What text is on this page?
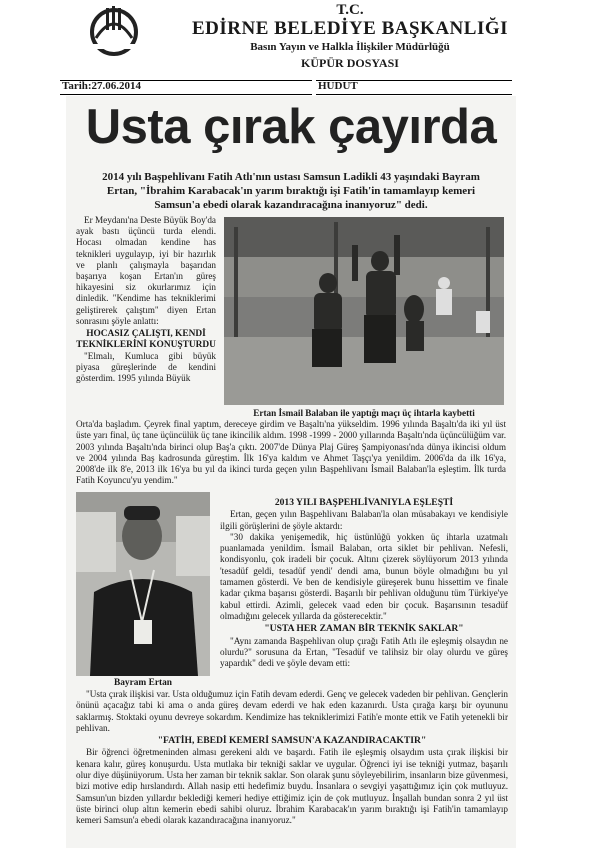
T.C.
EDİRNE BELEDİYE BAŞKANLIĞI
Basın Yayın ve Halkla İlişkiler Müdürlüğü
KÜPÜR DOSYASI
Tarih:27.06.2014	HUDUT
Usta çırak çayırda
2014 yılı Başpehlivanı Fatih Atlı'nın ustası Samsun Ladikli 43 yaşındaki Bayram Ertan, "İbrahim Karabacak'ın yarım bıraktığı işi Fatih'in tamamlayıp kemeri Samsun'a ebedi olarak kazandıracağına inanıyoruz" dedi.

Er Meydanı'na Deste Büyük Boy'da ayak bastı üçüncü turda elendi. Hocası olmadan kendine has teknikleri uygulayıp, iyi bir hazırlık ve planlı çalışmayla başarıdan başarıya koşan Ertan'ın güreş hikayesini siz okurlarımız için dinledik. "Kendime has tekniklerimi geliştirerek çalıştım" diyen Ertan sonrasını şöyle anlattı:

HOCASIZ ÇALIŞTI, KENDİ TEKNİKLERİNİ KONUŞTURDU

"Elmalı, Kumluca gibi büyük piyasa güreşlerinde de kendini gösterdim. 1995 yılında Büyük

Ertan İsmail Balaban ile yaptığı maçı üç ihtarla kaybetti

Orta'da başladım. Çeyrek final yaptım, dereceye girdim ve Başaltı'na yükseldim. 1996 yılında Başaltı'da iki yıl üst üste yarı final, üç tane üçüncülük üç tane ikincilik aldım. 1998 -1999 - 2000 yıllarında Başaltı'nda üçüncülüğüm var. 2003 yılında Başaltı'nda birinci olup Baş'a çıktı. 2007'de Dünya Plaj Güreş Şampiyonası'nda dünya ikincisi oldum ve 2004 yılında Baş kadrosunda güreştim. İlk 16'ya kaldım ve Ahmet Taşçı'ya yenildim. 2006'da da ilk 16'ya, 2008'de ilk 8'e, 2013 ilk 16'ya bu yıl da ikinci turda geçen yılın Başpehlivanı İsmail Balaban'la eşleştim. İlk turda Fatih Koyuncu'yu yendim."

Bayram Ertan

2013 YILI BAŞPEHLİVANIYLA EŞLEŞTİ

Ertan, geçen yılın Başpehlivanı Balaban'la olan müsabakayı ve kendisiyle ilgili görüşlerini de şöyle aktardı:

"30 dakika yenişemedik, hiç üstünlüğü yokken üç ihtarla uzatmalı puanlamada yenildim. İsmail Balaban, orta siklet bir pehlivan. Nefesli, kondisyonlu, çok iradeli bir çocuk. Altını çizerek söylüyorum 2013 yılında 'tesadüf geldi, tesadüf yendi' dendi ama, bunun böyle olmadığını bu yıl tamamen gösterdi. Ve ben de kendisiyle güreşerek bunu hissettim ve finale kadar çıkma başarısı gösterdi. Başarılı bir pehlivan olduğunu tüm Türkiye'ye kabul ettirdi. Azimli, gelecek vaad eden bir çocuk. Başarısının tesadüf olmadığını gelecek yıllarda da gösterecektir."

"USTA HER ZAMAN BİR TEKNİK SAKLAR"

"Aynı zamanda Başpehlivan olup çırağı Fatih Atlı ile eşleşmiş olsaydın ne olurdu?" sorusuna da Ertan, "Tesadüf ve talihsiz bir olay olurdu ve güreş yapardık" dedi ve şöyle devam etti:

"Usta çırak ilişkisi var. Usta olduğumuz için Fatih devam ederdi. Genç ve gelecek vadeden bir pehlivan. Gençlerin önünü açacağız tabi ki ama o anda güreş devam ederdi ve hak eden kazanırdı. Usta çırağa karşı bir oyununu saklarmış. Stoktaki oyunu devreye sokardım. Kendimize has tekniklerimizi Fatih'e monte ettik ve Fatih yetenekli bir pehlivan.

"FATİH, EBEDİ KEMERİ SAMSUN'A KAZANDIRACAKTIR"

Bir öğrenci öğretmeninden alması gerekeni aldı ve başardı. Fatih ile eşleşmiş olsaydım usta çırak ilişkisi bir kenara kalır, güreş konuşurdu. Usta mutlaka bir tekniği saklar ve uygular. Öğrenci iyi ise tekniği yutmaz, başarılı olur diye düşünüyorum. Usta her zaman bir teknik saklar. Son olarak şunu söyleyebilirim, insanların bize güvenmesi, bizi motive edip hırslandırdı. Allah nasip etti hedefimiz buydu. İnsanlara o sevgiyi yaşattığımız için çok mutluyuz. Samsun'un bizden yıllardır beklediği kemeri hediye ettiğimiz için de çok mutluyuz. İnşallah bundan sonra 2 yıl üst üste birinci olup altın kemerin ebedi sahibi oluruz. İbrahim Karabacak'ın yarım bıraktığı işi Fatih'in tamamlayıp kemeri Samsun'a ebedi olarak kazandıracağına inanıyoruz."
